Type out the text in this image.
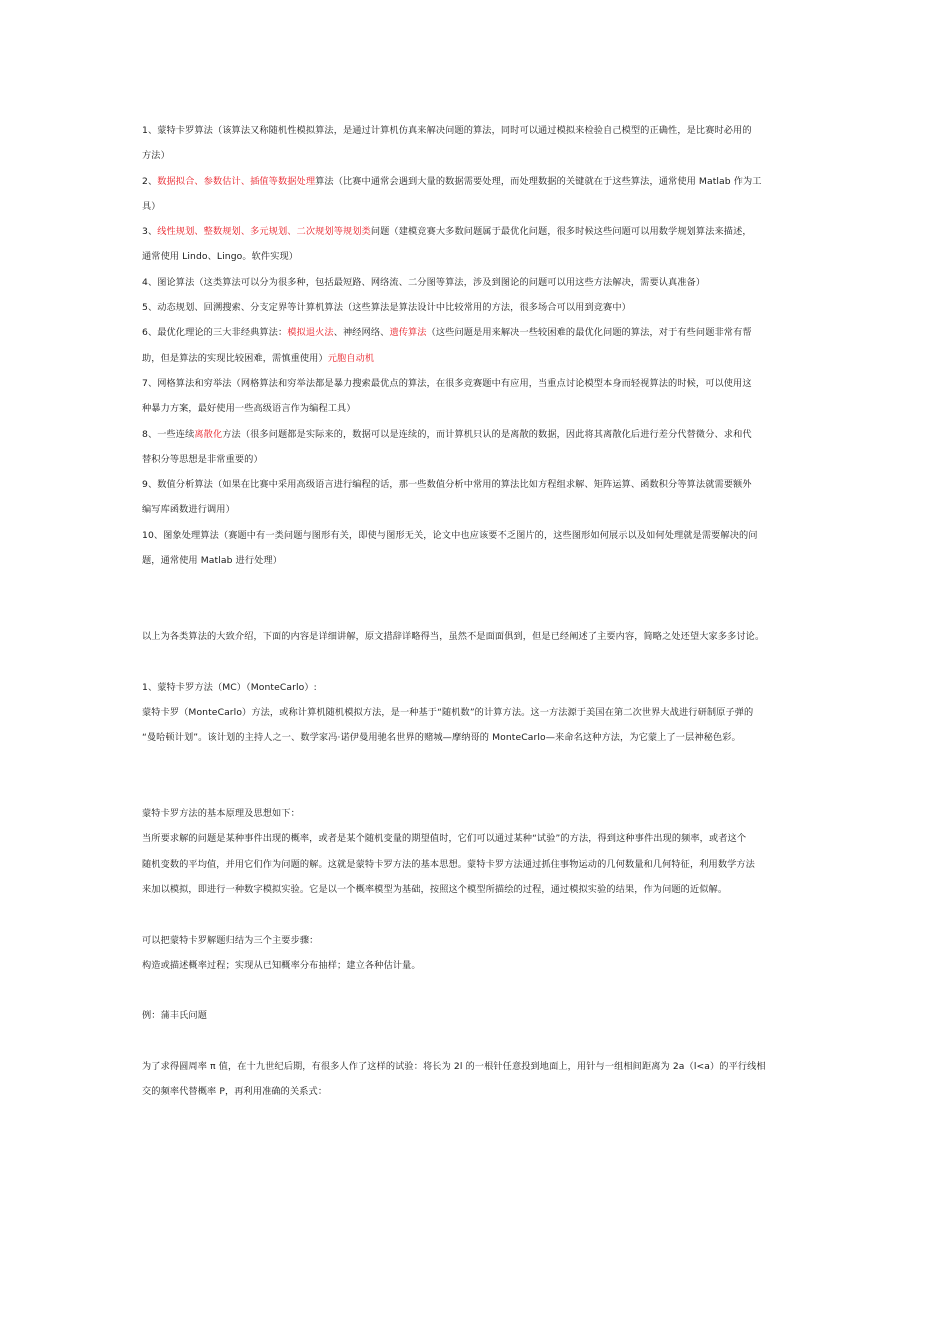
1、蒙特卡罗算法（该算法又称随机性模拟算法，是通过计算机仿真来解决问题的算法，同时可以通过模拟来检验自己模型的正确性，是比赛时必用的
方法）
2、数据拟合、参数估计、插值等数据处理算法（比赛中通常会遇到大量的数据需要处理，而处理数据的关键就在于这些算法，通常使用 Matlab 作为工
具）
3、线性规划、整数规划、多元规划、二次规划等规划类问题（建模竞赛大多数问题属于最优化问题，很多时候这些问题可以用数学规划算法来描述，
通常使用 Lindo、Lingo。软件实现）
4、图论算法（这类算法可以分为很多种，包括最短路、网络流、二分图等算法，涉及到图论的问题可以用这些方法解决，需要认真准备）
5、动态规划、回溯搜索、分支定界等计算机算法（这些算法是算法设计中比较常用的方法，很多场合可以用到竞赛中）
6、最优化理论的三大非经典算法：模拟退火法、神经网络、遗传算法（这些问题是用来解决一些较困难的最优化问题的算法，对于有些问题非常有帮
助，但是算法的实现比较困难，需慎重使用）元胞自动机
7、网格算法和穷举法（网格算法和穷举法都是暴力搜索最优点的算法，在很多竞赛题中有应用，当重点讨论模型本身而轻视算法的时候，可以使用这
种暴力方案，最好使用一些高级语言作为编程工具）
8、一些连续离散化方法（很多问题都是实际来的，数据可以是连续的，而计算机只认的是离散的数据，因此将其离散化后进行差分代替微分、求和代
替积分等思想是非常重要的）
9、数值分析算法（如果在比赛中采用高级语言进行编程的话，那一些数值分析中常用的算法比如方程组求解、矩阵运算、函数积分等算法就需要额外
编写库函数进行调用）
10、图象处理算法（赛题中有一类问题与图形有关，即使与图形无关，论文中也应该要不乏图片的，这些图形如何展示以及如何处理就是需要解决的问
题，通常使用 Matlab 进行处理）
以上为各类算法的大致介绍，下面的内容是详细讲解，原文措辞详略得当，虽然不是面面俱到，但是已经阐述了主要内容，简略之处还望大家多多讨论。
1、蒙特卡罗方法（MC）（MonteCarlo）:
蒙特卡罗（MonteCarlo）方法，或称计算机随机模拟方法，是一种基于“随机数”的计算方法。这一方法源于美国在第二次世界大战进行研制原子弹的
“曼哈顿计划”。该计划的主持人之一、数学家冯·诺伊曼用驰名世界的赌城—摩纳哥的 MonteCarlo—来命名这种方法，为它蒙上了一层神秘色彩。
蒙特卡罗方法的基本原理及思想如下：
当所要求解的问题是某种事件出现的概率，或者是某个随机变量的期望值时，它们可以通过某种“试验”的方法，得到这种事件出现的频率，或者这个
随机变数的平均值，并用它们作为问题的解。这就是蒙特卡罗方法的基本思想。蒙特卡罗方法通过抓住事物运动的几何数量和几何特征，利用数学方法
来加以模拟，即进行一种数字模拟实验。它是以一个概率模型为基础，按照这个模型所描绘的过程，通过模拟实验的结果，作为问题的近似解。
可以把蒙特卡罗解题归结为三个主要步骤：
构造或描述概率过程；实现从已知概率分布抽样；建立各种估计量。
例：蒲丰氏问题
为了求得圆周率 π 值，在十九世纪后期，有很多人作了这样的试验：将长为 2l 的一根针任意投到地面上，用针与一组相间距离为 2a（l<a）的平行线相
交的频率代替概率 P，再利用准确的关系式：
